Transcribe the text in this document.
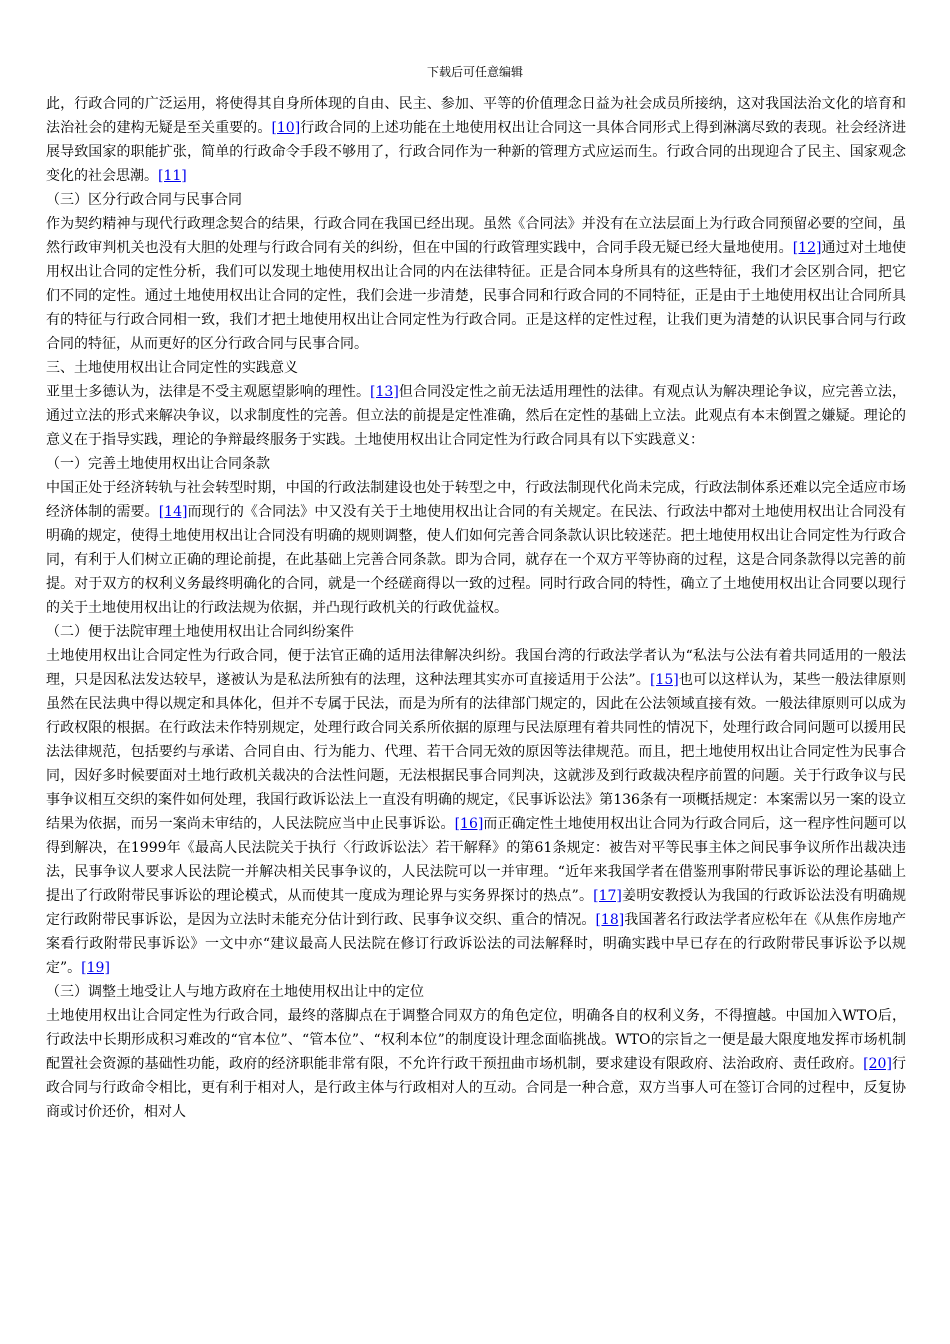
下载后可任意编辑

此，行政合同的广泛运用，将使得其自身所体现的自由、民主、参加、平等的价值理念日益为社会成员所接纳，这对我国法治文化的培育和法治社会的建构无疑是至关重要的。[10]行政合同的上述功能在土地使用权出让合同这一具体合同形式上得到淋漓尽致的表现。社会经济进展导致国家的职能扩张，简单的行政命令手段不够用了，行政合同作为一种新的管理方式应运而生。行政合同的出现迎合了民主、国家观念变化的社会思潮。[11]

（三）区分行政合同与民事合同

作为契约精神与现代行政理念契合的结果，行政合同在我国已经出现。虽然《合同法》并没有在立法层面上为行政合同预留必要的空间，虽然行政审判机关也没有大胆的处理与行政合同有关的纠纷，但在中国的行政管理实践中，合同手段无疑已经大量地使用。[12]通过对土地使用权出让合同的定性分析，我们可以发现土地使用权出让合同的内在法律特征。正是合同本身所具有的这些特征，我们才会区别合同，把它们不同的定性。通过土地使用权出让合同的定性，我们会进一步清楚，民事合同和行政合同的不同特征，正是由于土地使用权出让合同所具有的特征与行政合同相一致，我们才把土地使用权出让合同定性为行政合同。正是这样的定性过程，让我们更为清楚的认识民事合同与行政合同的特征，从而更好的区分行政合同与民事合同。

三、土地使用权出让合同定性的实践意义

亚里士多德认为，法律是不受主观愿望影响的理性。[13]但合同没定性之前无法适用理性的法律。有观点认为解决理论争议，应完善立法，通过立法的形式来解决争议，以求制度性的完善。但立法的前提是定性准确，然后在定性的基础上立法。此观点有本末倒置之嫌疑。理论的意义在于指导实践，理论的争辩最终服务于实践。土地使用权出让合同定性为行政合同具有以下实践意义：

（一）完善土地使用权出让合同条款

中国正处于经济转轨与社会转型时期，中国的行政法制建设也处于转型之中，行政法制现代化尚未完成，行政法制体系还难以完全适应市场经济体制的需要。[14]而现行的《合同法》中又没有关于土地使用权出让合同的有关规定。在民法、行政法中都对土地使用权出让合同没有明确的规定，使得土地使用权出让合同没有明确的规则调整，使人们如何完善合同条款认识比较迷茫。把土地使用权出让合同定性为行政合同，有利于人们树立正确的理论前提，在此基础上完善合同条款。即为合同，就存在一个双方平等协商的过程，这是合同条款得以完善的前提。对于双方的权利义务最终明确化的合同，就是一个经磋商得以一致的过程。同时行政合同的特性，确立了土地使用权出让合同要以现行的关于土地使用权出让的行政法规为依据，并凸现行政机关的行政优益权。

（二）便于法院审理土地使用权出让合同纠纷案件

土地使用权出让合同定性为行政合同，便于法官正确的适用法律解决纠纷。我国台湾的行政法学者认为“私法与公法有着共同适用的一般法理，只是因私法发达较早，遂被认为是私法所独有的法理，这种法理其实亦可直接适用于公法”。[15]也可以这样认为，某些一般法律原则虽然在民法典中得以规定和具体化，但并不专属于民法，而是为所有的法律部门规定的，因此在公法领域直接有效。一般法律原则可以成为行政权限的根据。在行政法未作特别规定，处理行政合同关系所依据的原理与民法原理有着共同性的情况下，处理行政合同问题可以援用民法法律规范，包括要约与承诺、合同自由、行为能力、代理、若干合同无效的原因等法律规范。而且，把土地使用权出让合同定性为民事合同，因好多时候要面对土地行政机关裁决的合法性问题，无法根据民事合同判决，这就涉及到行政裁决程序前置的问题。关于行政争议与民事争议相互交织的案件如何处理，我国行政诉讼法上一直没有明确的规定，《民事诉讼法》第136条有一项概括规定：本案需以另一案的设立结果为依据，而另一案尚未审结的，人民法院应当中止民事诉讼。[16]而正确定性土地使用权出让合同为行政合同后，这一程序性问题可以得到解决，在1999年《最高人民法院关于执行〈行政诉讼法〉若干解释》的第61条规定：被告对平等民事主体之间民事争议所作出裁决违法，民事争议人要求人民法院一并解决相关民事争议的，人民法院可以一并审理。“近年来我国学者在借鉴刑事附带民事诉讼的理论基础上提出了行政附带民事诉讼的理论模式，从而使其一度成为理论界与实务界探讨的热点”。[17]姜明安教授认为我国的行政诉讼法没有明确规定行政附带民事诉讼，是因为立法时未能充分估计到行政、民事争议交织、重合的情况。[18]我国著名行政法学者应松年在《从焦作房地产案看行政附带民事诉讼》一文中亦“建议最高人民法院在修订行政诉讼法的司法解释时，明确实践中早已存在的行政附带民事诉讼予以规定”。[19]

（三）调整土地受让人与地方政府在土地使用权出让中的定位

土地使用权出让合同定性为行政合同，最终的落脚点在于调整合同双方的角色定位，明确各自的权利义务，不得擅越。中国加入WTO后，行政法中长期形成积习难改的“官本位”、“管本位”、“权利本位”的制度设计理念面临挑战。WTO的宗旨之一便是最大限度地发挥市场机制配置社会资源的基础性功能，政府的经济职能非常有限，不允许行政干预扭曲市场机制，要求建设有限政府、法治政府、责任政府。[20]行政合同与行政命令相比，更有利于相对人，是行政主体与行政相对人的互动。合同是一种合意，双方当事人可在签订合同的过程中，反复协商或讨价还价，相对人
